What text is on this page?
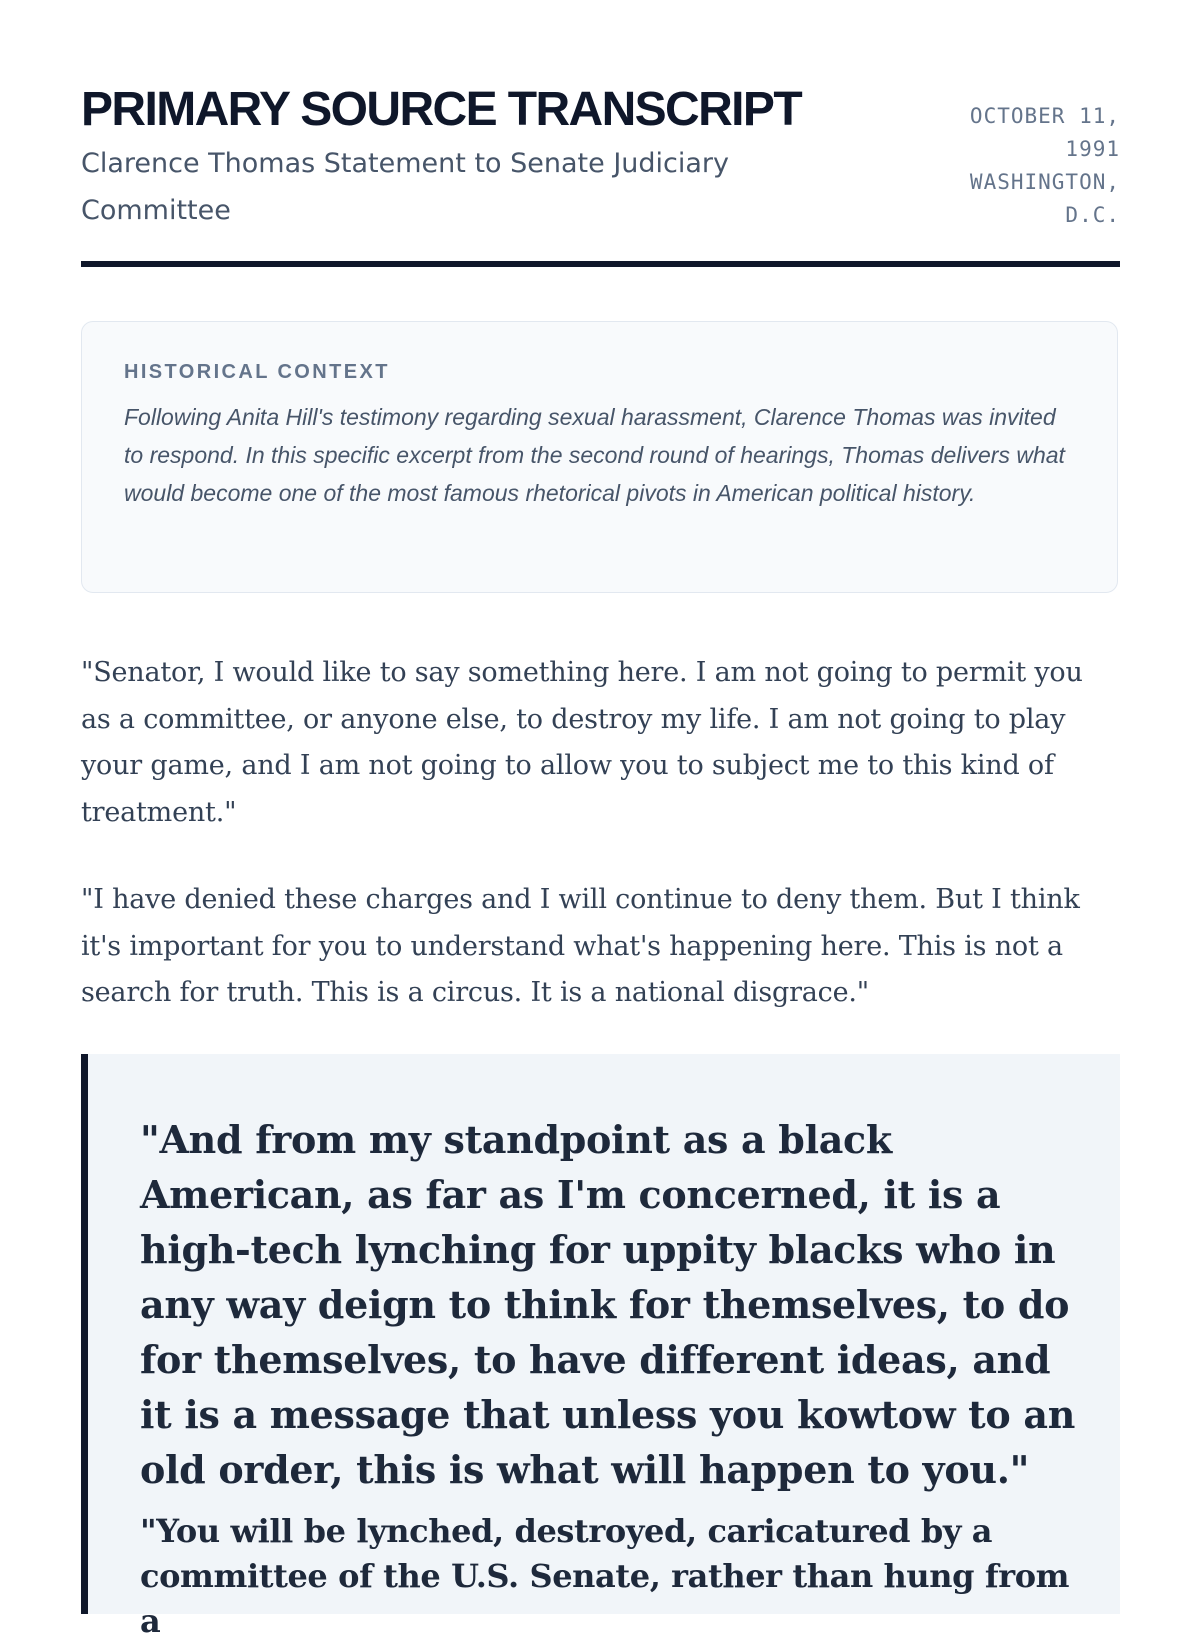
PRIMARY SOURCE TRANSCRIPT

Clarence Thomas Statement to Senate Judiciary Committee

OCTOBER 11,
1991
WASHINGTON,
D.C.

HISTORICAL CONTEXT

Following Anita Hill's testimony regarding sexual harassment, Clarence Thomas was invited to respond. In this specific excerpt from the second round of hearings, Thomas delivers what would become one of the most famous rhetorical pivots in American political history.

"Senator, I would like to say something here. I am not going to permit you as a committee, or anyone else, to destroy my life. I am not going to play your game, and I am not going to allow you to subject me to this kind of treatment."

"I have denied these charges and I will continue to deny them. But I think it's important for you to understand what's happening here. This is not a search for truth. This is a circus. It is a national disgrace."

"And from my standpoint as a black American, as far as I'm concerned, it is a high-tech lynching for uppity blacks who in any way deign to think for themselves, to do for themselves, to have different ideas, and it is a message that unless you kowtow to an old order, this is what will happen to you."

"You will be lynched, destroyed, caricatured by a committee of the U.S. Senate, rather than hung from a
